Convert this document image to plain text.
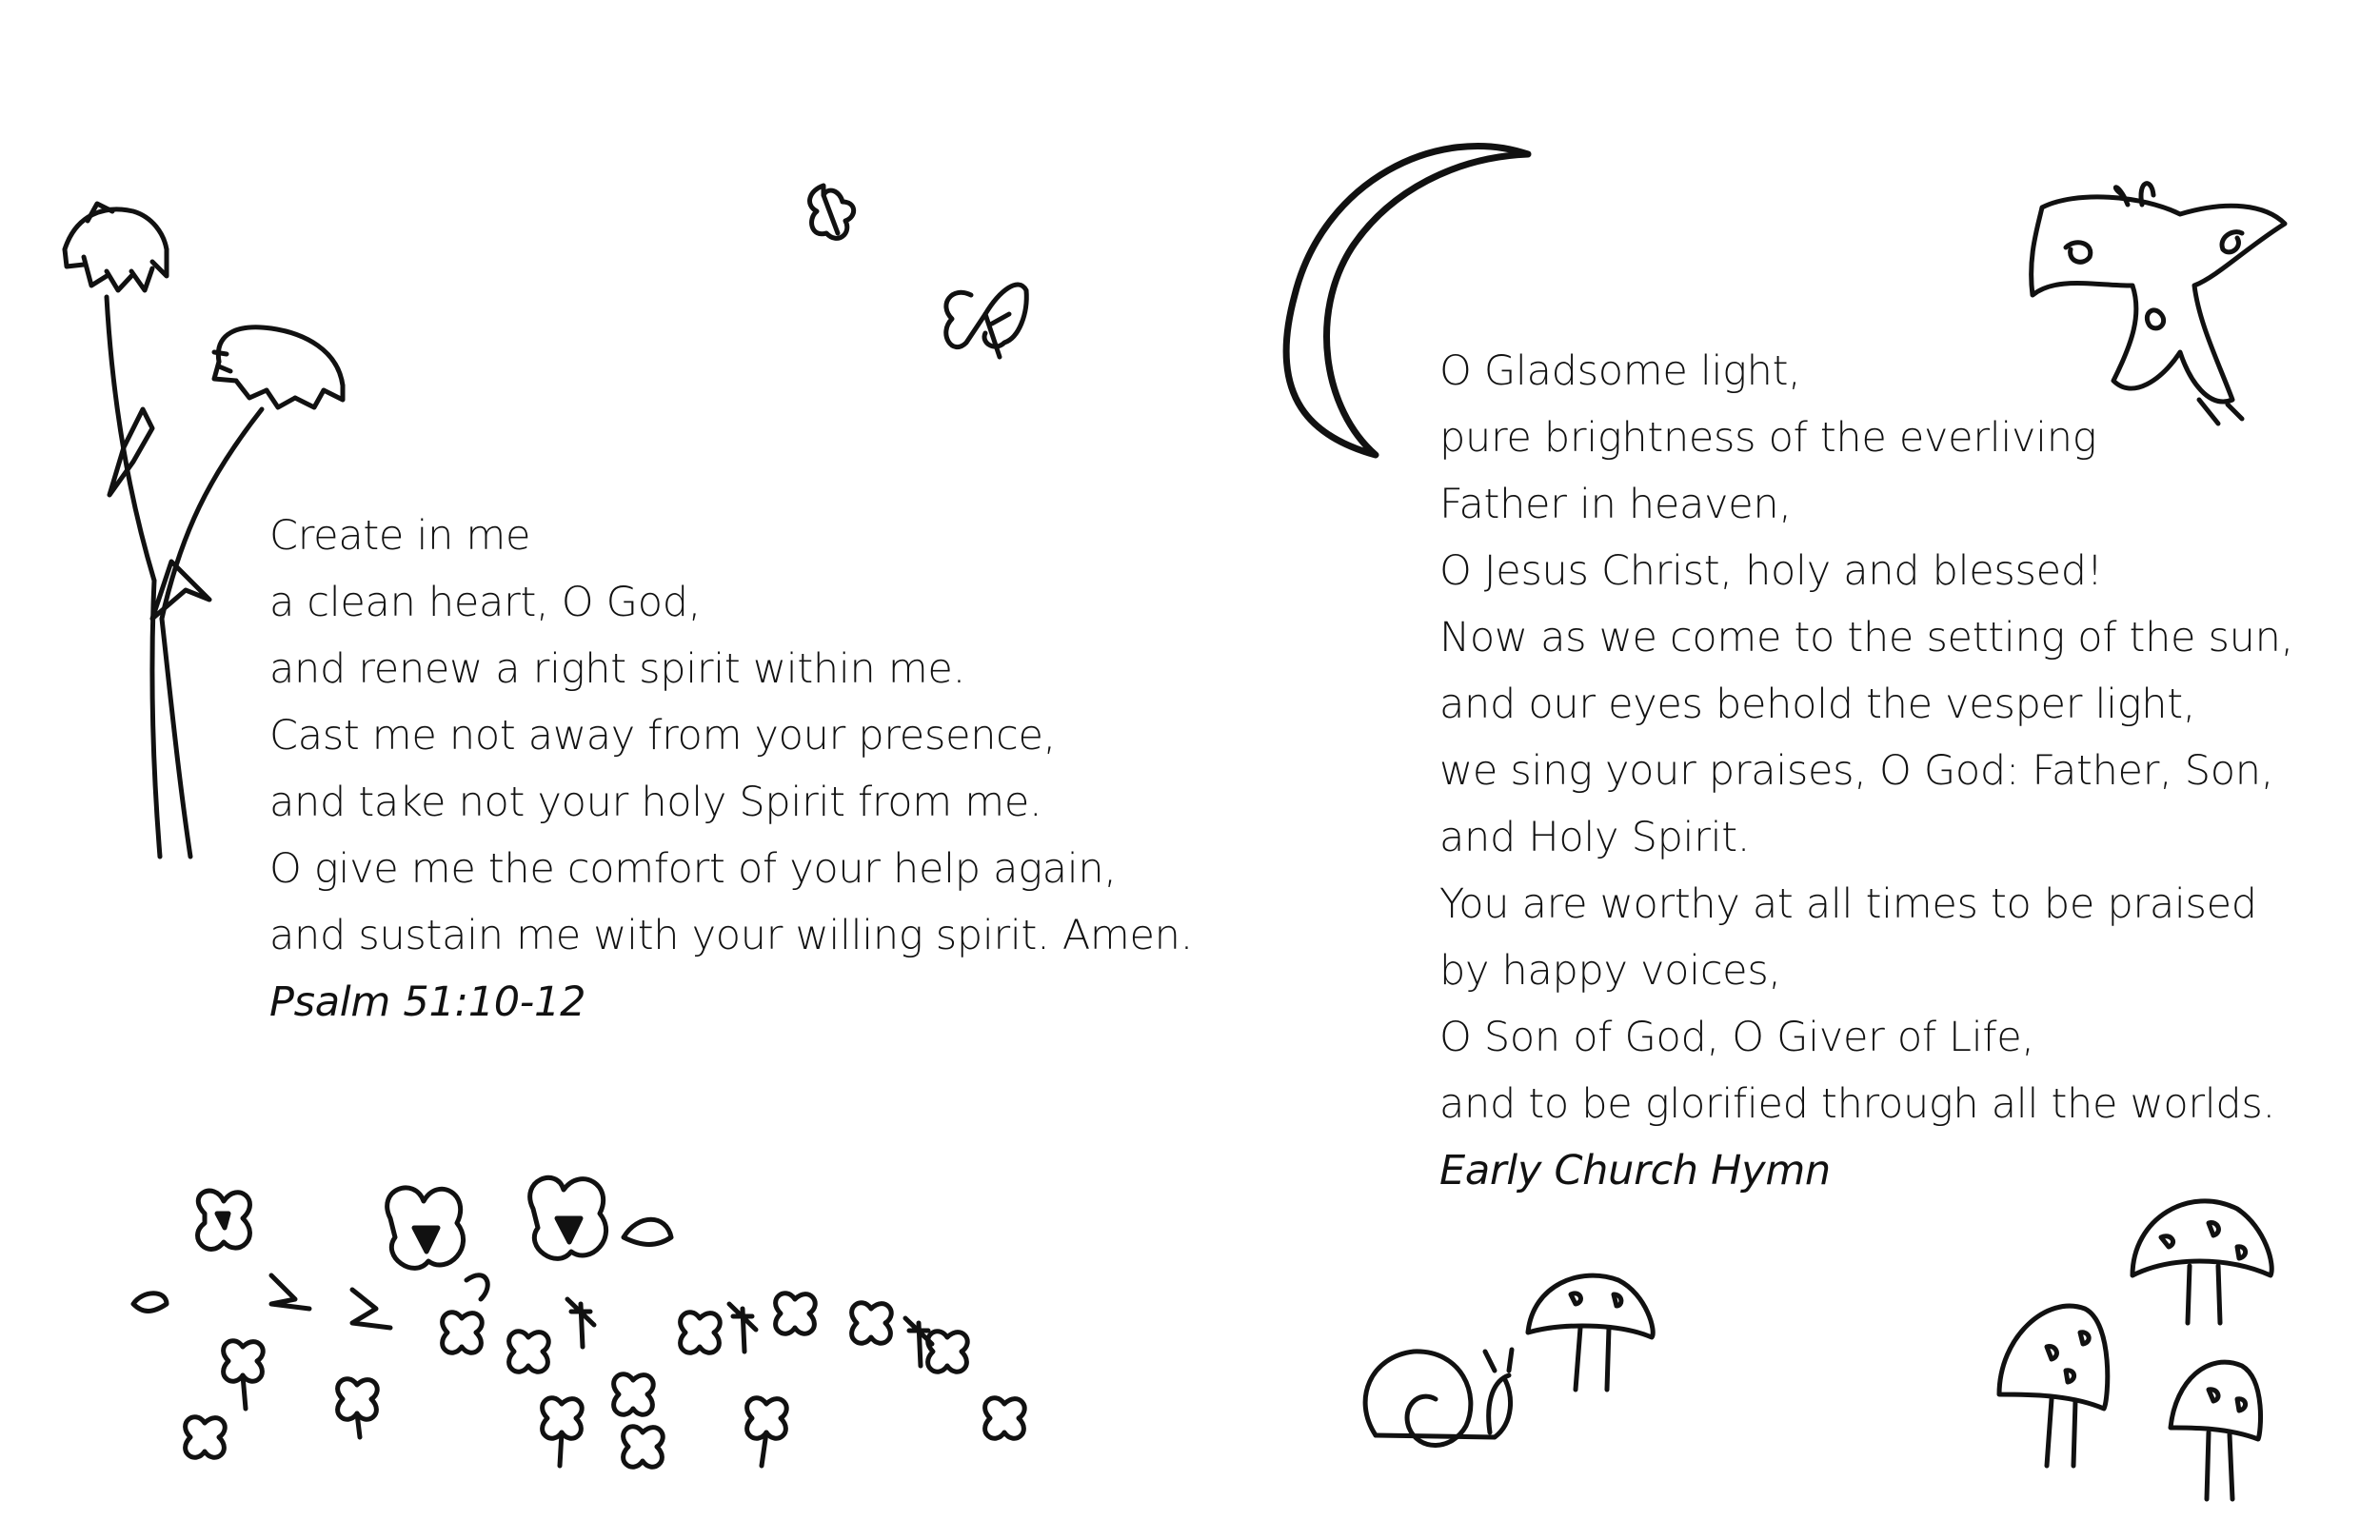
Create in me
a clean heart, O God,
and renew a right spirit within me.
Cast me not away from your presence,
and take not your holy Spirit from me.
O give me the comfort of your help again,
and sustain me with your willing spirit. Amen.
Psalm 51:10-12
O Gladsome light,
pure brightness of the everliving
Father in heaven,
O Jesus Christ, holy and blessed!
Now as we come to the setting of the sun,
and our eyes behold the vesper light,
we sing your praises, O God: Father, Son,
and Holy Spirit.
You are worthy at all times to be praised
by happy voices,
O Son of God, O Giver of Life,
and to be glorified through all the worlds.
Early Church Hymn
